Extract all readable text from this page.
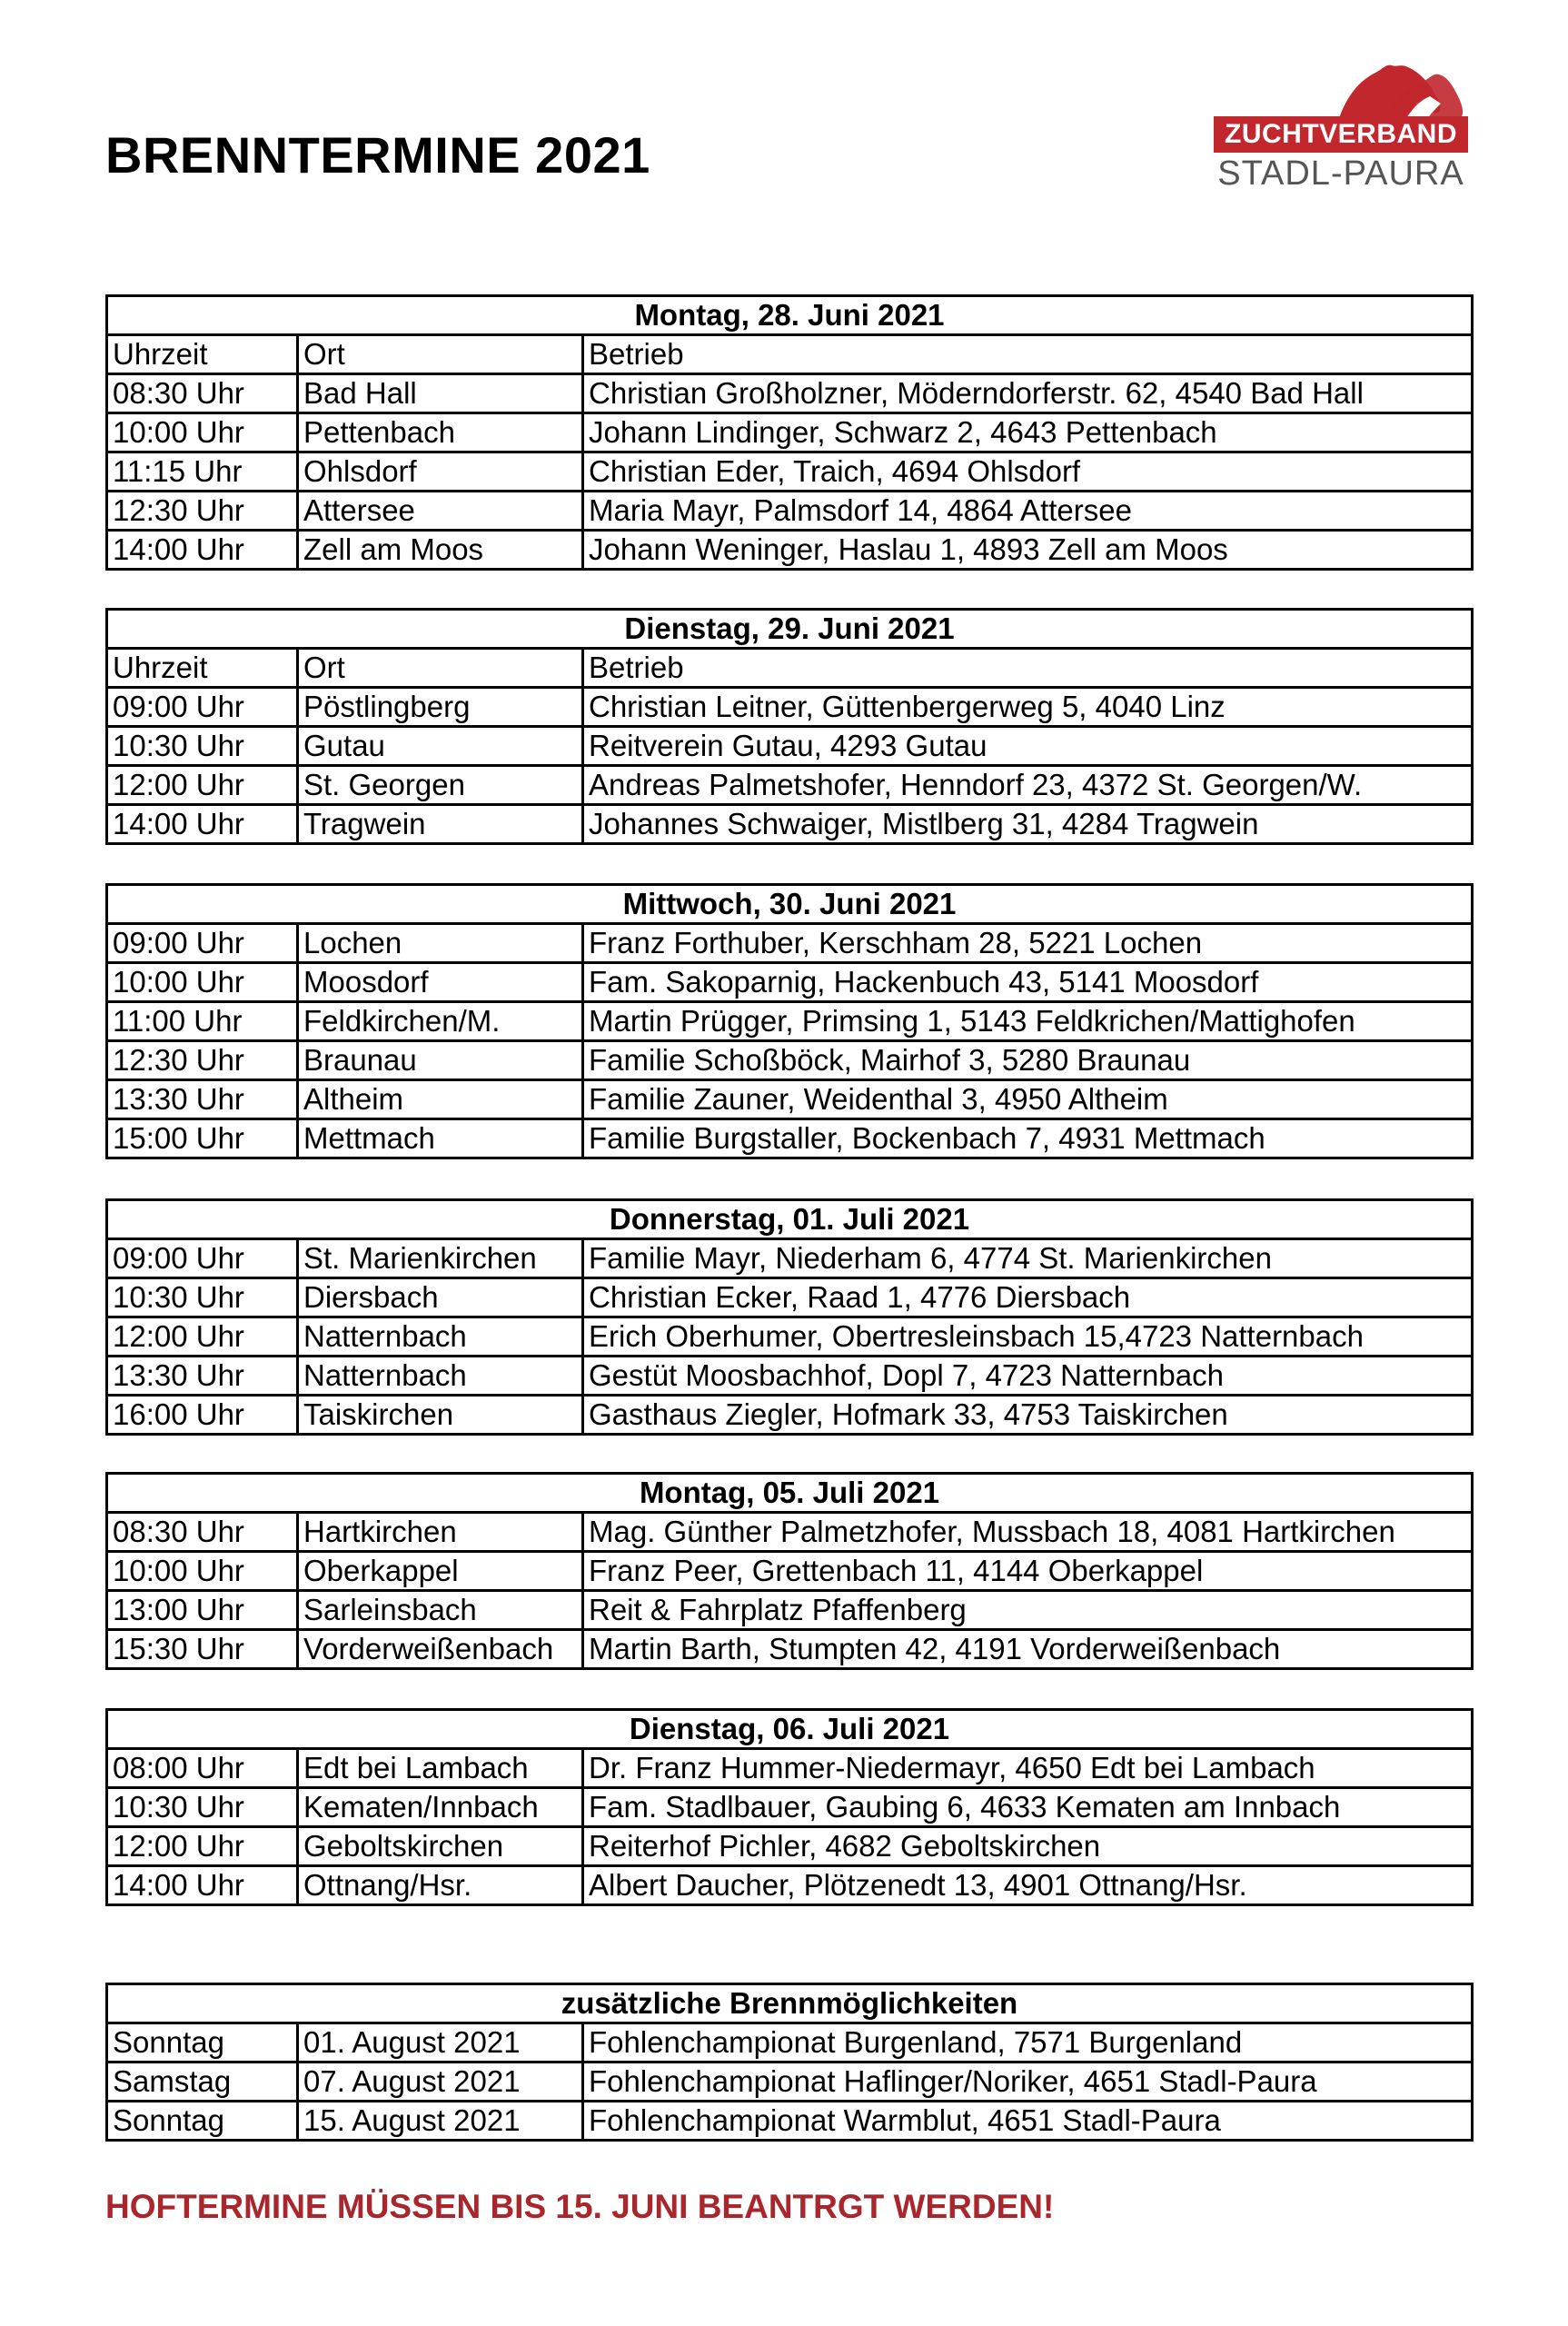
BRENNTERMINE 2021	ZUCHTVERBAND
STADL-PAURA
Montag, 28. Juni 2021		
Uhrzeit	Ort	Betrieb
08:30 Uhr	Bad Hall	Christian Großholzner, Möderndorferstr. 62, 4540 Bad Hall
10:00 Uhr	Pettenbach	Johann Lindinger, Schwarz 2, 4643 Pettenbach
11:15 Uhr	Ohlsdorf	Christian Eder, Traich, 4694 Ohlsdorf
12:30 Uhr	Attersee	Maria Mayr, Palmsdorf 14, 4864 Attersee
14:00 Uhr	Zell am Moos	Johann Weninger, Haslau 1, 4893 Zell am Moos
Dienstag, 29. Juni 2021		
Uhrzeit	Ort	Betrieb
09:00 Uhr	Pöstlingberg	Christian Leitner, Güttenbergerweg 5, 4040 Linz
10:30 Uhr	Gutau	Reitverein Gutau, 4293 Gutau
12:00 Uhr	St. Georgen	Andreas Palmetshofer, Henndorf 23, 4372 St. Georgen/W.
14:00 Uhr	Tragwein	Johannes Schwaiger, Mistlberg 31, 4284 Tragwein
Mittwoch, 30. Juni 2021		
09:00 Uhr	Lochen	Franz Forthuber, Kerschham 28, 5221 Lochen
10:00 Uhr	Moosdorf	Fam. Sakoparnig, Hackenbuch 43, 5141 Moosdorf
11:00 Uhr	Feldkirchen/M.	Martin Prügger, Primsing 1, 5143 Feldkrichen/Mattighofen
12:30 Uhr	Braunau	Familie Schoßböck, Mairhof 3, 5280 Braunau
13:30 Uhr	Altheim	Familie Zauner, Weidenthal 3, 4950 Altheim
15:00 Uhr	Mettmach	Familie Burgstaller, Bockenbach 7, 4931 Mettmach
Donnerstag, 01. Juli 2021		
09:00 Uhr	St. Marienkirchen	Familie Mayr, Niederham 6, 4774 St. Marienkirchen
10:30 Uhr	Diersbach	Christian Ecker, Raad 1, 4776 Diersbach
12:00 Uhr	Natternbach	Erich Oberhumer, Obertresleinsbach 15,4723 Natternbach
13:30 Uhr	Natternbach	Gestüt Moosbachhof, Dopl 7, 4723 Natternbach
16:00 Uhr	Taiskirchen	Gasthaus Ziegler, Hofmark 33, 4753 Taiskirchen
Montag, 05. Juli 2021		
08:30 Uhr	Hartkirchen	Mag. Günther Palmetzhofer, Mussbach 18, 4081 Hartkirchen
10:00 Uhr	Oberkappel	Franz Peer, Grettenbach 11, 4144 Oberkappel
13:00 Uhr	Sarleinsbach	Reit & Fahrplatz Pfaffenberg
15:30 Uhr	Vorderweißenbach	Martin Barth, Stumpten 42, 4191 Vorderweißenbach
Dienstag, 06. Juli 2021		
08:00 Uhr	Edt bei Lambach	Dr. Franz Hummer-Niedermayr, 4650 Edt bei Lambach
10:30 Uhr	Kematen/Innbach	Fam. Stadlbauer, Gaubing 6, 4633 Kematen am Innbach
12:00 Uhr	Geboltskirchen	Reiterhof Pichler, 4682 Geboltskirchen
14:00 Uhr	Ottnang/Hsr.	Albert Daucher, Plötzenedt 13, 4901 Ottnang/Hsr.
zusätzliche Brennmöglichkeiten		
Sonntag	01. August 2021	Fohlenchampionat Burgenland, 7571 Burgenland
Samstag	07. August 2021	Fohlenchampionat Haflinger/Noriker, 4651 Stadl-Paura
Sonntag	15. August 2021	Fohlenchampionat Warmblut, 4651 Stadl-Paura

HOFTERMINE MÜSSEN BIS 15. JUNI BEANTRGT WERDEN!
